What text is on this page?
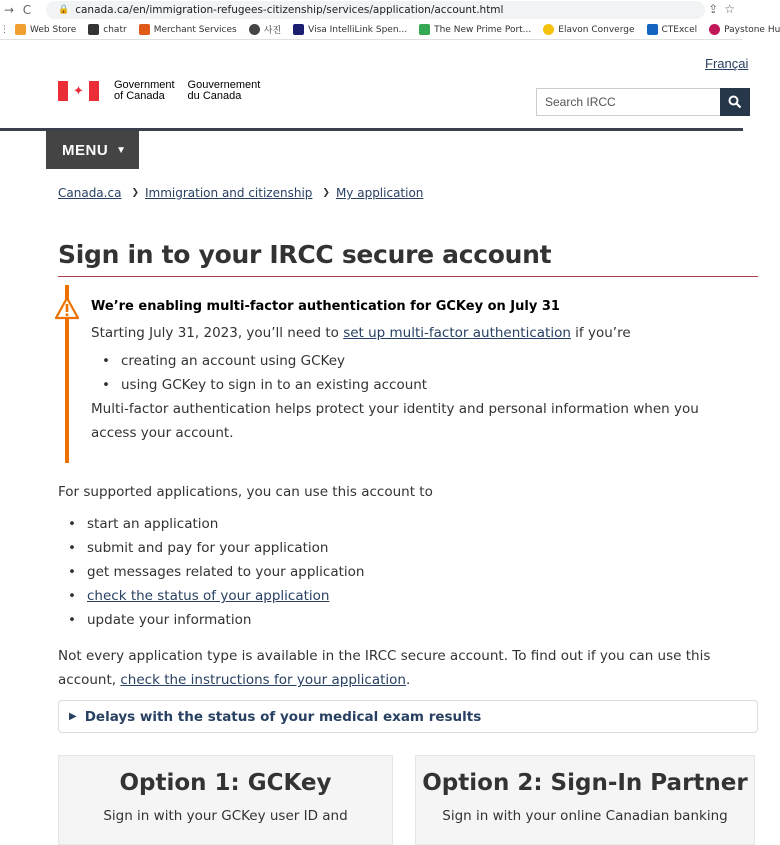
→ C	🔒 canada.ca/en/immigration-refugees-citizenship/services/application/account.html	⇪☆
⋮ Web Store	chatr	Merchant Services	사진	Visa IntelliLink Spen...	The New Prime Port...	Elavon Converge	CTExcel	Paystone Hu
Françai
✦	Government
of Canada
Gouvernement
du Canada	Search IRCC
MENU ▼
Canada.ca ❯ Immigration and citizenship ❯ My application
Sign in to your IRCC secure account
We’re enabling multi-factor authentication for GCKey on July 31
Starting July 31, 2023, you’ll need to set up multi-factor authentication if you’re
• creating an account using GCKey
• using GCKey to sign in to an existing account
Multi-factor authentication helps protect your identity and personal information when you access your account.
For supported applications, you can use this account to
• start an application
• submit and pay for your application
• get messages related to your application
• check the status of your application
• update your information
Not every application type is available in the IRCC secure account. To find out if you can use this account, check the instructions for your application.
▶ Delays with the status of your medical exam results
Option 1: GCKey

Sign in with your GCKey user ID and

Option 2: Sign-In Partner

Sign in with your online Canadian banking
